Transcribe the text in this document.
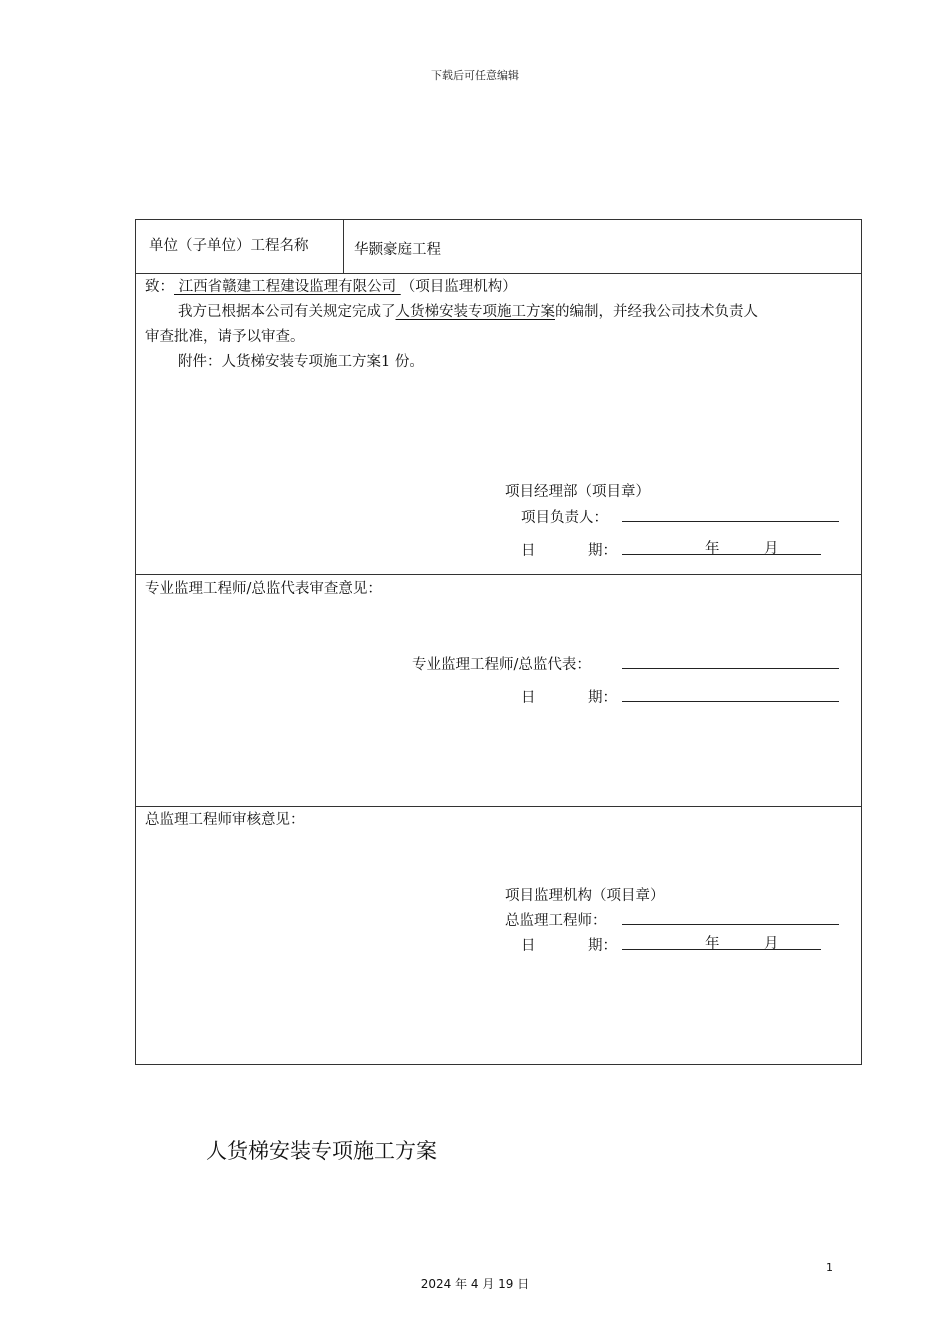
下载后可任意编辑
单位（子单位）工程名称	华颢豪庭工程
致： 江西省赣建工程建设监理有限公司 （项目监理机构）
我方已根据本公司有关规定完成了人货梯安装专项施工方案的编制，并经我公司技术负责人
审查批准，请予以审查。
附件：人货梯安装专项施工方案1 份。
项目经理部（项目章）
项目负责人：
日	期：	年	月
专业监理工程师/总监代表审查意见：
专业监理工程师/总监代表：
日	期：
总监理工程师审核意见：
项目监理机构（项目章）
总监理工程师：
日	期：	年	月
人货梯安装专项施工方案
1
2024 年 4 月 19 日
